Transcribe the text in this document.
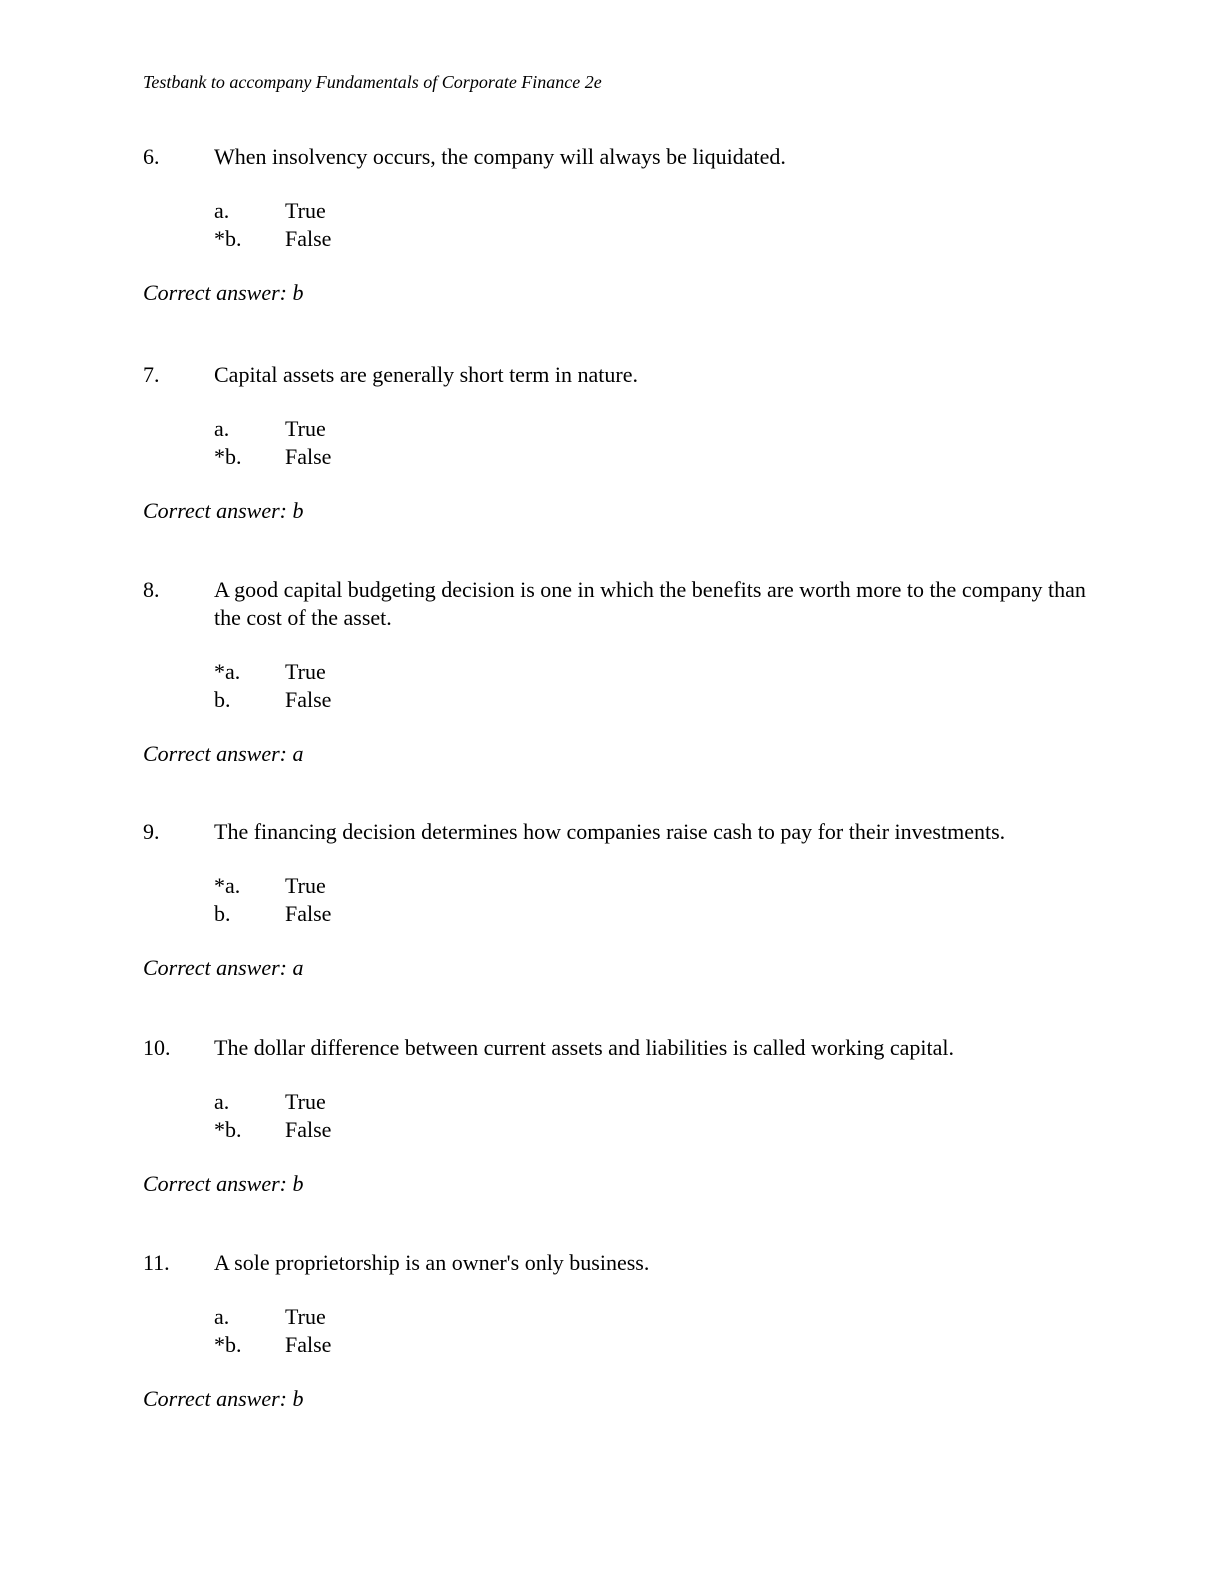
Testbank to accompany Fundamentals of Corporate Finance 2e
6. When insolvency occurs, the company will always be liquidated.
a.	True
*b. False
Correct answer: b
7. Capital assets are generally short term in nature.
a.	True
*b. False
Correct answer: b
8. A good capital budgeting decision is one in which the benefits are worth more to the company than the cost of the asset.
*a. True
b. False
Correct answer: a
9. The financing decision determines how companies raise cash to pay for their investments.
*a. True
b. False
Correct answer: a
10. The dollar difference between current assets and liabilities is called working capital.
a.	True
*b. False
Correct answer: b
11. A sole proprietorship is an owner's only business.
a.	True
*b. False
Correct answer: b
